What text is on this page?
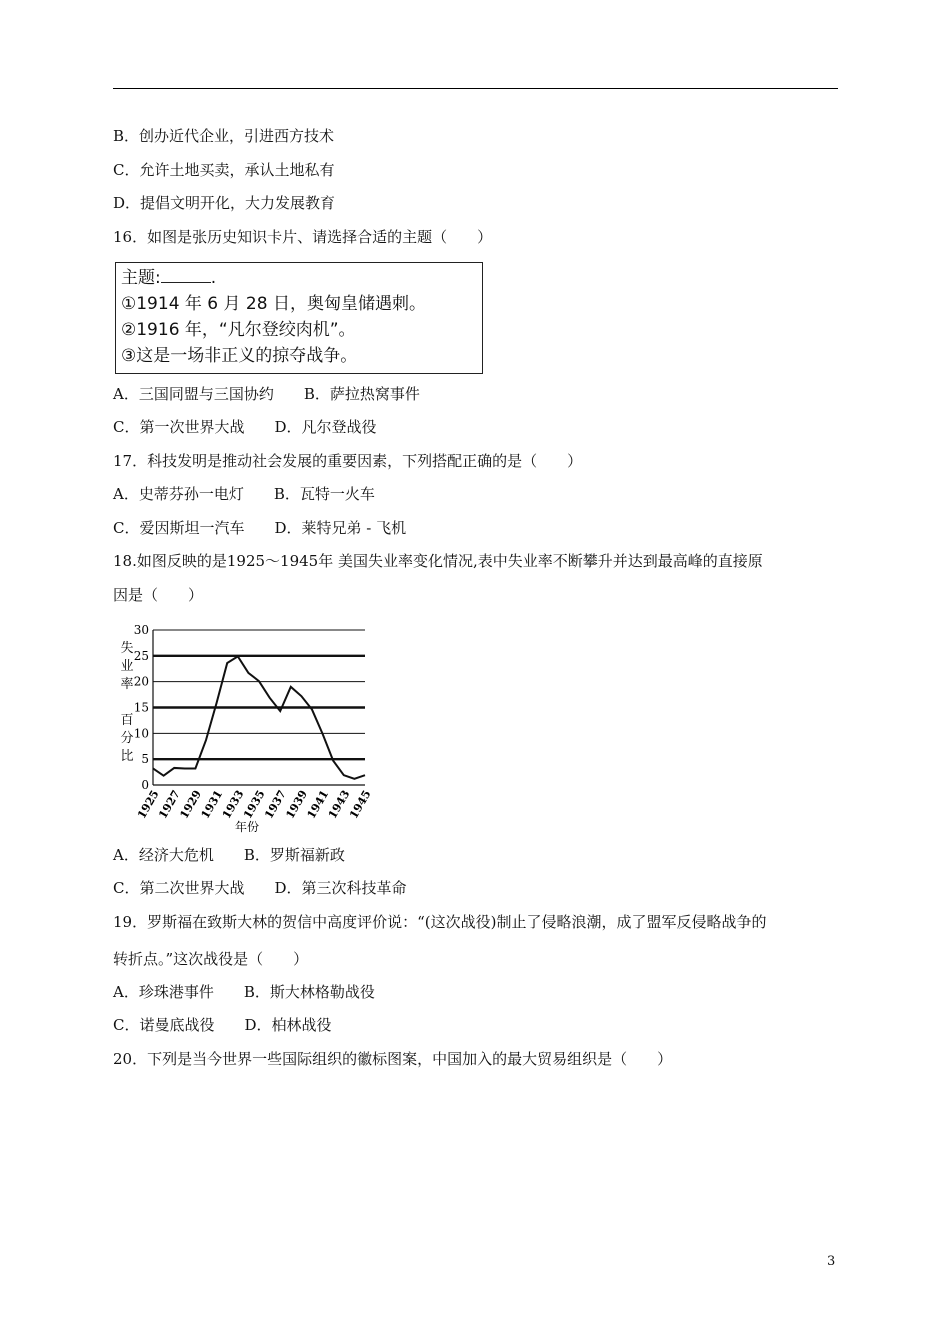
B．创办近代企业，引进西方技术
C．允许土地买卖，承认土地私有
D．提倡文明开化，大力发展教育
16．如图是张历史知识卡片、请选择合适的主题（　　）
主题:	.
①1914 年 6 月 28 日，奥匈皇储遇刺。
②1916 年，“凡尔登绞肉机”。
③这是一场非正义的掠夺战争。
A．三国同盟与三国协约　　B．萨拉热窝事件
C．第一次世界大战　　D．凡尔登战役
17．科技发明是推动社会发展的重要因素，下列搭配正确的是（　　）
A．史蒂芬孙一电灯　　B．瓦特一火车
C．爱因斯坦一汽车　　D．莱特兄弟 - 飞机
18.如图反映的是1925～1945年 美国失业率变化情况,表中失业率不断攀升并达到最高峰的直接原
因是（　　）
失
业
率
百
分
比
0
5
10
15
20
25
30
1925
1927
1929
1931
1933
1935
1937
1939
1941
1943
1945
年份
A．经济大危机　　B．罗斯福新政
C．第二次世界大战　　D．第三次科技革命
19．罗斯福在致斯大林的贺信中高度评价说：“(这次战役)制止了侵略浪潮，成了盟军反侵略战争的
转折点。”这次战役是（　　）
A．珍珠港事件　　B．斯大林格勒战役
C．诺曼底战役　　D．柏林战役
20．下列是当今世界一些国际组织的徽标图案，中国加入的最大贸易组织是（　　）
3
